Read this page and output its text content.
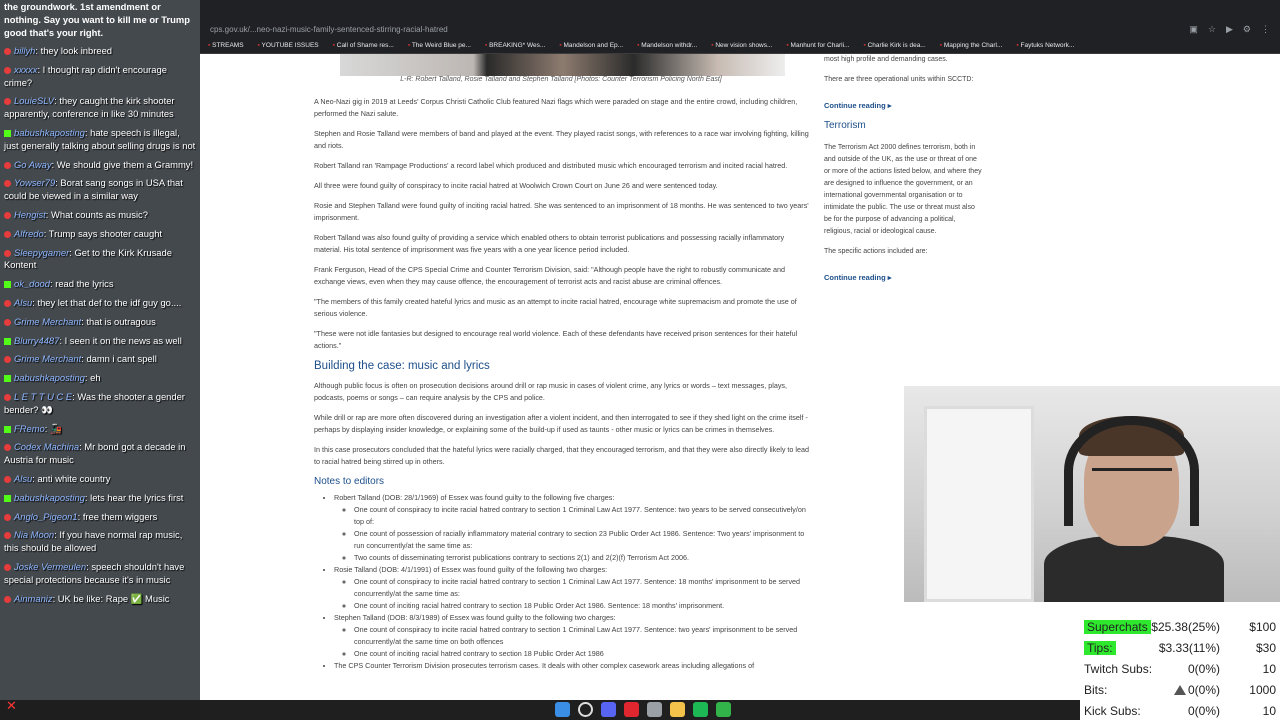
cps.gov.uk/...neo-nazi-music-family-sentenced-stirring-racial-hatred	▣ ☆ ▶ ⚙ ⋮
▪ STREAMS	▪ YOUTUBE ISSUES	▪ Call of Shame res...	▪ The Weird Blue pe...	▪ BREAKING* Wes...	▪ Mandelson and Ep...	▪ Mandelson withdr...	▪ New vision shows...	▪ Manhunt for Charli...	▪ Charlie Kirk is dea...	▪ Mapping the Charl...	▪ Faytuks Network...
L-R: Robert Talland, Rosie Talland and Stephen Talland [Photos: Counter Terrorism Policing North East]

A Neo-Nazi gig in 2019 at Leeds' Corpus Christi Catholic Club featured Nazi flags which were paraded on stage and the entire crowd, including children, performed the Nazi salute.

Stephen and Rosie Talland were members of band and played at the event. They played racist songs, with references to a race war involving fighting, killing and riots.

Robert Talland ran 'Rampage Productions' a record label which produced and distributed music which encouraged terrorism and incited racial hatred.

All three were found guilty of conspiracy to incite racial hatred at Woolwich Crown Court on June 26 and were sentenced today.

Rosie and Stephen Talland were found guilty of inciting racial hatred. She was sentenced to an imprisonment of 18 months. He was sentenced to two years' imprisonment.

Robert Talland was also found guilty of providing a service which enabled others to obtain terrorist publications and possessing racially inflammatory material. His total sentence of imprisonment was five years with a one year licence period included.

Frank Ferguson, Head of the CPS Special Crime and Counter Terrorism Division, said: "Although people have the right to robustly communicate and exchange views, even when they may cause offence, the encouragement of terrorist acts and racist abuse are criminal offences.

"The members of this family created hateful lyrics and music as an attempt to incite racial hatred, encourage white supremacism and promote the use of serious violence.

"These were not idle fantasies but designed to encourage real world violence. Each of these defendants have received prison sentences for their hateful actions."

Building the case: music and lyrics

Although public focus is often on prosecution decisions around drill or rap music in cases of violent crime, any lyrics or words – text messages, plays, podcasts, poems or songs – can require analysis by the CPS and police.

While drill or rap are more often discovered during an investigation after a violent incident, and then interrogated to see if they shed light on the crime itself - perhaps by displaying insider knowledge, or explaining some of the build-up if used as taunts - other music or lyrics can be crimes in themselves.

In this case prosecutors concluded that the hateful lyrics were racially charged, that they encouraged terrorism, and that they were also directly likely to lead to racial hatred being stirred up in others.

Notes to editors
• Robert Talland (DOB: 28/1/1969) of Essex was found guilty to the following five charges:
◦ One count of conspiracy to incite racial hatred contrary to section 1 Criminal Law Act 1977. Sentence: two years to be served consecutively/on top of:
◦ One count of possession of racially inflammatory material contrary to section 23 Public Order Act 1986. Sentence: Two years' imprisonment to run concurrently/at the same time as:
◦ Two counts of disseminating terrorist publications contrary to sections 2(1) and 2(2)(f) Terrorism Act 2006.
• Rosie Talland (DOB: 4/1/1991) of Essex was found guilty of the following two charges:
◦ One count of conspiracy to incite racial hatred contrary to section 1 Criminal Law Act 1977. Sentence: 18 months' imprisonment to be served concurrently/at the same time as:
◦ One count of inciting racial hatred contrary to section 18 Public Order Act 1986. Sentence: 18 months' imprisonment.
• Stephen Talland (DOB: 8/3/1989) of Essex was found guilty to the following two charges:
◦ One count of conspiracy to incite racial hatred contrary to section 1 Criminal Law Act 1977. Sentence: two years' imprisonment to be served concurrently/at the same time on both offences
◦ One count of inciting racial hatred contrary to section 18 Public Order Act 1986
• The CPS Counter Terrorism Division prosecutes terrorism cases. It deals with other complex casework areas including allegations of

most high profile and demanding cases.

There are three operational units within SCCTD:

Continue reading ▸
Terrorism

The Terrorism Act 2000 defines terrorism, both in and outside of the UK, as the use or threat of one or more of the actions listed below, and where they are designed to influence the government, or an international governmental organisation or to intimidate the public. The use or threat must also be for the purpose of advancing a political, religious, racial or ideological cause.

The specific actions included are:

Continue reading ▸
the groundwork. 1st amendment or nothing. Say you want to kill me or Trump good that's your right.
billyh: they look inbreed
xxxxx: I thought rap didn't encourage crime?
LouieSLV: they caught the kirk shooter apparently, conference in like 30 minutes
babushkaposting: hate speech is illegal, just generally talking about selling drugs is not
Go Away: We should give them a Grammy!
Yowser79: Borat sang songs in USA that could be viewed in a similar way
Hengist: What counts as music?
Alfredo: Trump says shooter caught
Sleepygamer: Get to the Kirk Krusade Kontent
ok_dood: read the lyrics
Alsu: they let that def to the idf guy go....
Grime Merchant: that is outragous
Blurry4487: I seen it on the news as well
Grime Merchant: damn i cant spell
babushkaposting: eh
L E T T U C E: Was the shooter a gender bender? 👀
FRemo: 🚂
Codex Machina: Mr bond got a decade in Austria for music
Alsu: anti white country
babushkaposting: lets hear the lyrics first
Anglo_Pigeon1: free them wiggers
Nia Moon: If you have normal rap music, this should be allowed
Joske Vermeulen: speech shouldn't have special protections because it's in music
Ainmaniz: UK be like: Rape ✅ Music
✕
Superchats $25.38(25%) $100
Tips:	$3.33(11%)	$30
Twitch Subs:	0(0%)	10
Bits:	0(0%) 1000
Kick Subs:	0(0%)	10
